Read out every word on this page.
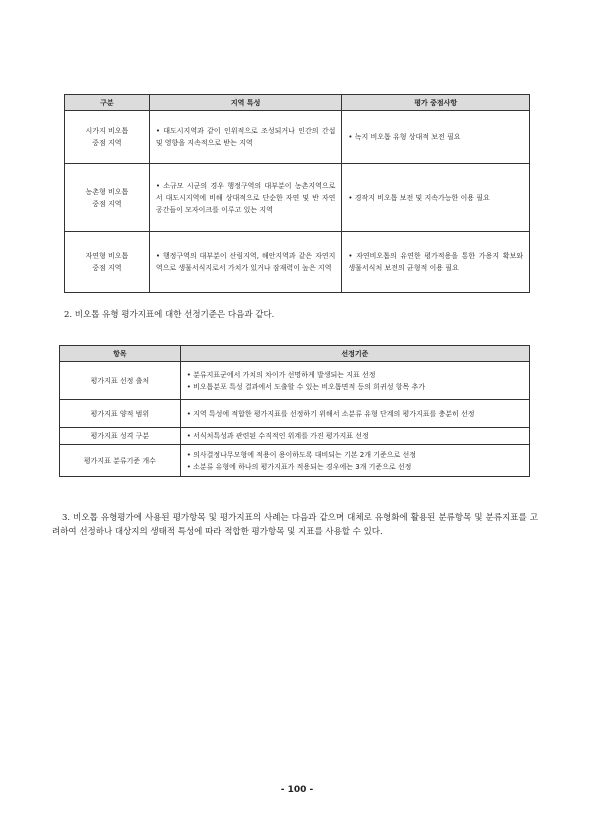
구분	지역 특성	평가 중점사항

시가지 비오톱
중점 지역	• 대도시지역과 같이 인위적으로 조성되거나 인간의 간섭 및 영향을 지속적으로 받는 지역	• 녹지 비오톱 유형 상대적 보전 필요

농촌형 비오톱
중점 지역	• 소규모 시군의 경우 행정구역의 대부분이 농촌지역으로서 대도시지역에 비해 상대적으로 단순한 자연 및 반 자연공간들이 모자이크를 이루고 있는 지역	• 경작지 비오톱 보전 및 지속가능한 이용 필요

자연형 비오톱
중점 지역	• 행정구역의 대부분이 산림지역, 해안지역과 같은 자연지역으로 생물서식지로서 가치가 있거나 잠재력이 높은 지역	• 자연비오톱의 유연한 평가적용을 통한 가용지 확보와 생물서식처 보전의 균형적 이용 필요
2. 비오톱 유형 평가지표에 대한 선정기준은 다음과 같다.
항목	선정기준
평가지표 선정 출처	• 분류지표군에서 가치의 차이가 선명하게 발생되는 지표 선정
• 비오톱분포 특성 결과에서 도출할 수 있는 비오톱면적 등의 희귀성 항목 추가

평가지표 양적 범위	• 지역 특성에 적합한 평가지표를 선정하기 위해서 소분류 유형 단계의 평가지표를 충분히 선정

평가지표 성격 구분	• 서식처특성과 관련된 수직적인 위계를 가진 평가지표 선정

평가지표 분류기준 개수	• 의사결정나무모형에 적용이 용이하도록 대비되는 기본 2개 기준으로 선정
• 소분류 유형에 하나의 평가지표가 적용되는 경우에는 3개 기준으로 선정
3. 비오톱 유형평가에 사용된 평가항목 및 평가지표의 사례는 다음과 같으며 대체로 유형화에 활용된 분류항목 및 분류지표를 고려하여 선정하나 대상지의 생태적 특성에 따라 적합한 평가항목 및 지표를 사용할 수 있다.
- 100 -
